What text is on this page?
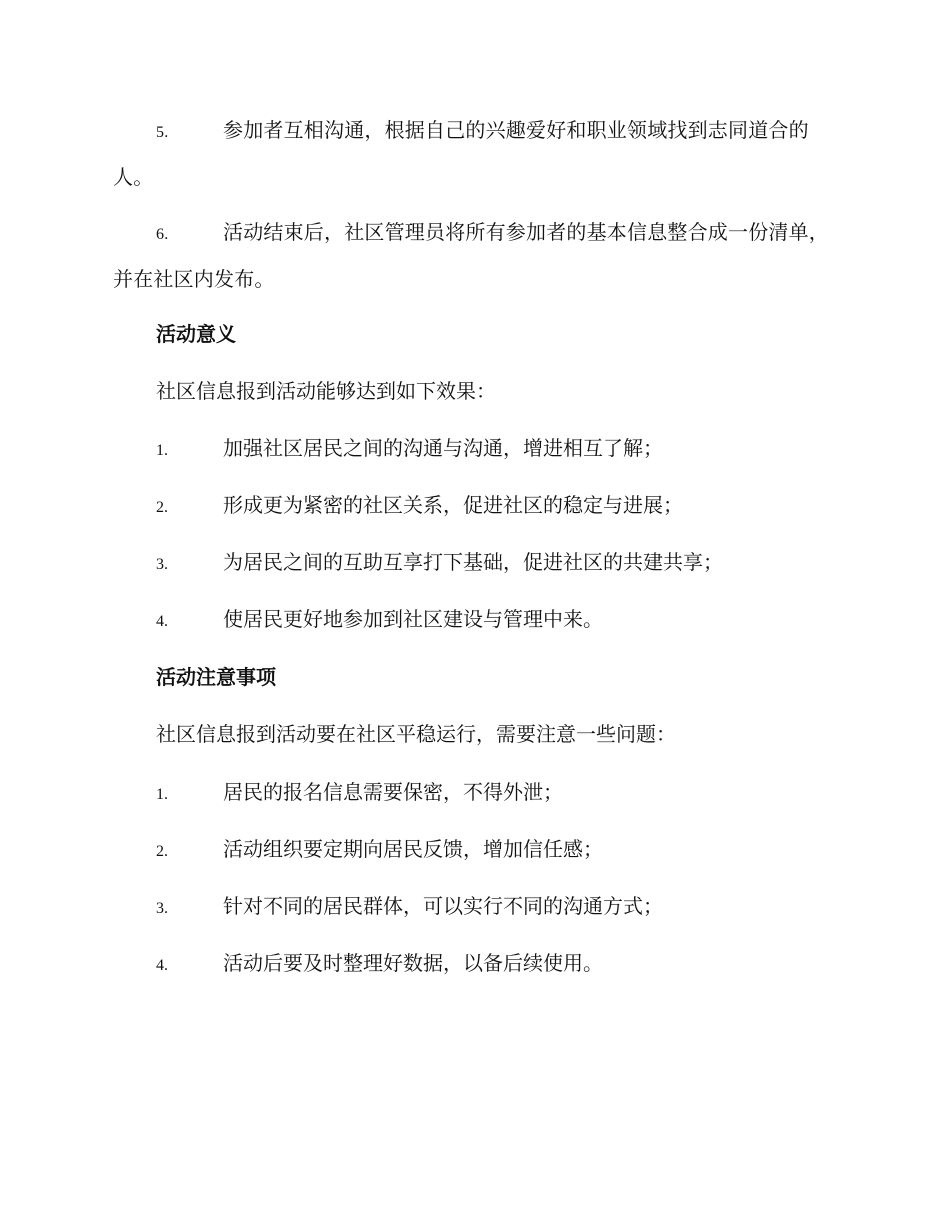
5.	参加者互相沟通，根据自己的兴趣爱好和职业领域找到志同道合的人。
6.	活动结束后，社区管理员将所有参加者的基本信息整合成一份清单，并在社区内发布。
活动意义
社区信息报到活动能够达到如下效果：
1.	加强社区居民之间的沟通与沟通，增进相互了解；
2.	形成更为紧密的社区关系，促进社区的稳定与进展；
3.	为居民之间的互助互享打下基础，促进社区的共建共享；
4.	使居民更好地参加到社区建设与管理中来。
活动注意事项
社区信息报到活动要在社区平稳运行，需要注意一些问题：
1.	居民的报名信息需要保密，不得外泄；
2.	活动组织要定期向居民反馈，增加信任感；
3.	针对不同的居民群体，可以实行不同的沟通方式；
4.	活动后要及时整理好数据，以备后续使用。
